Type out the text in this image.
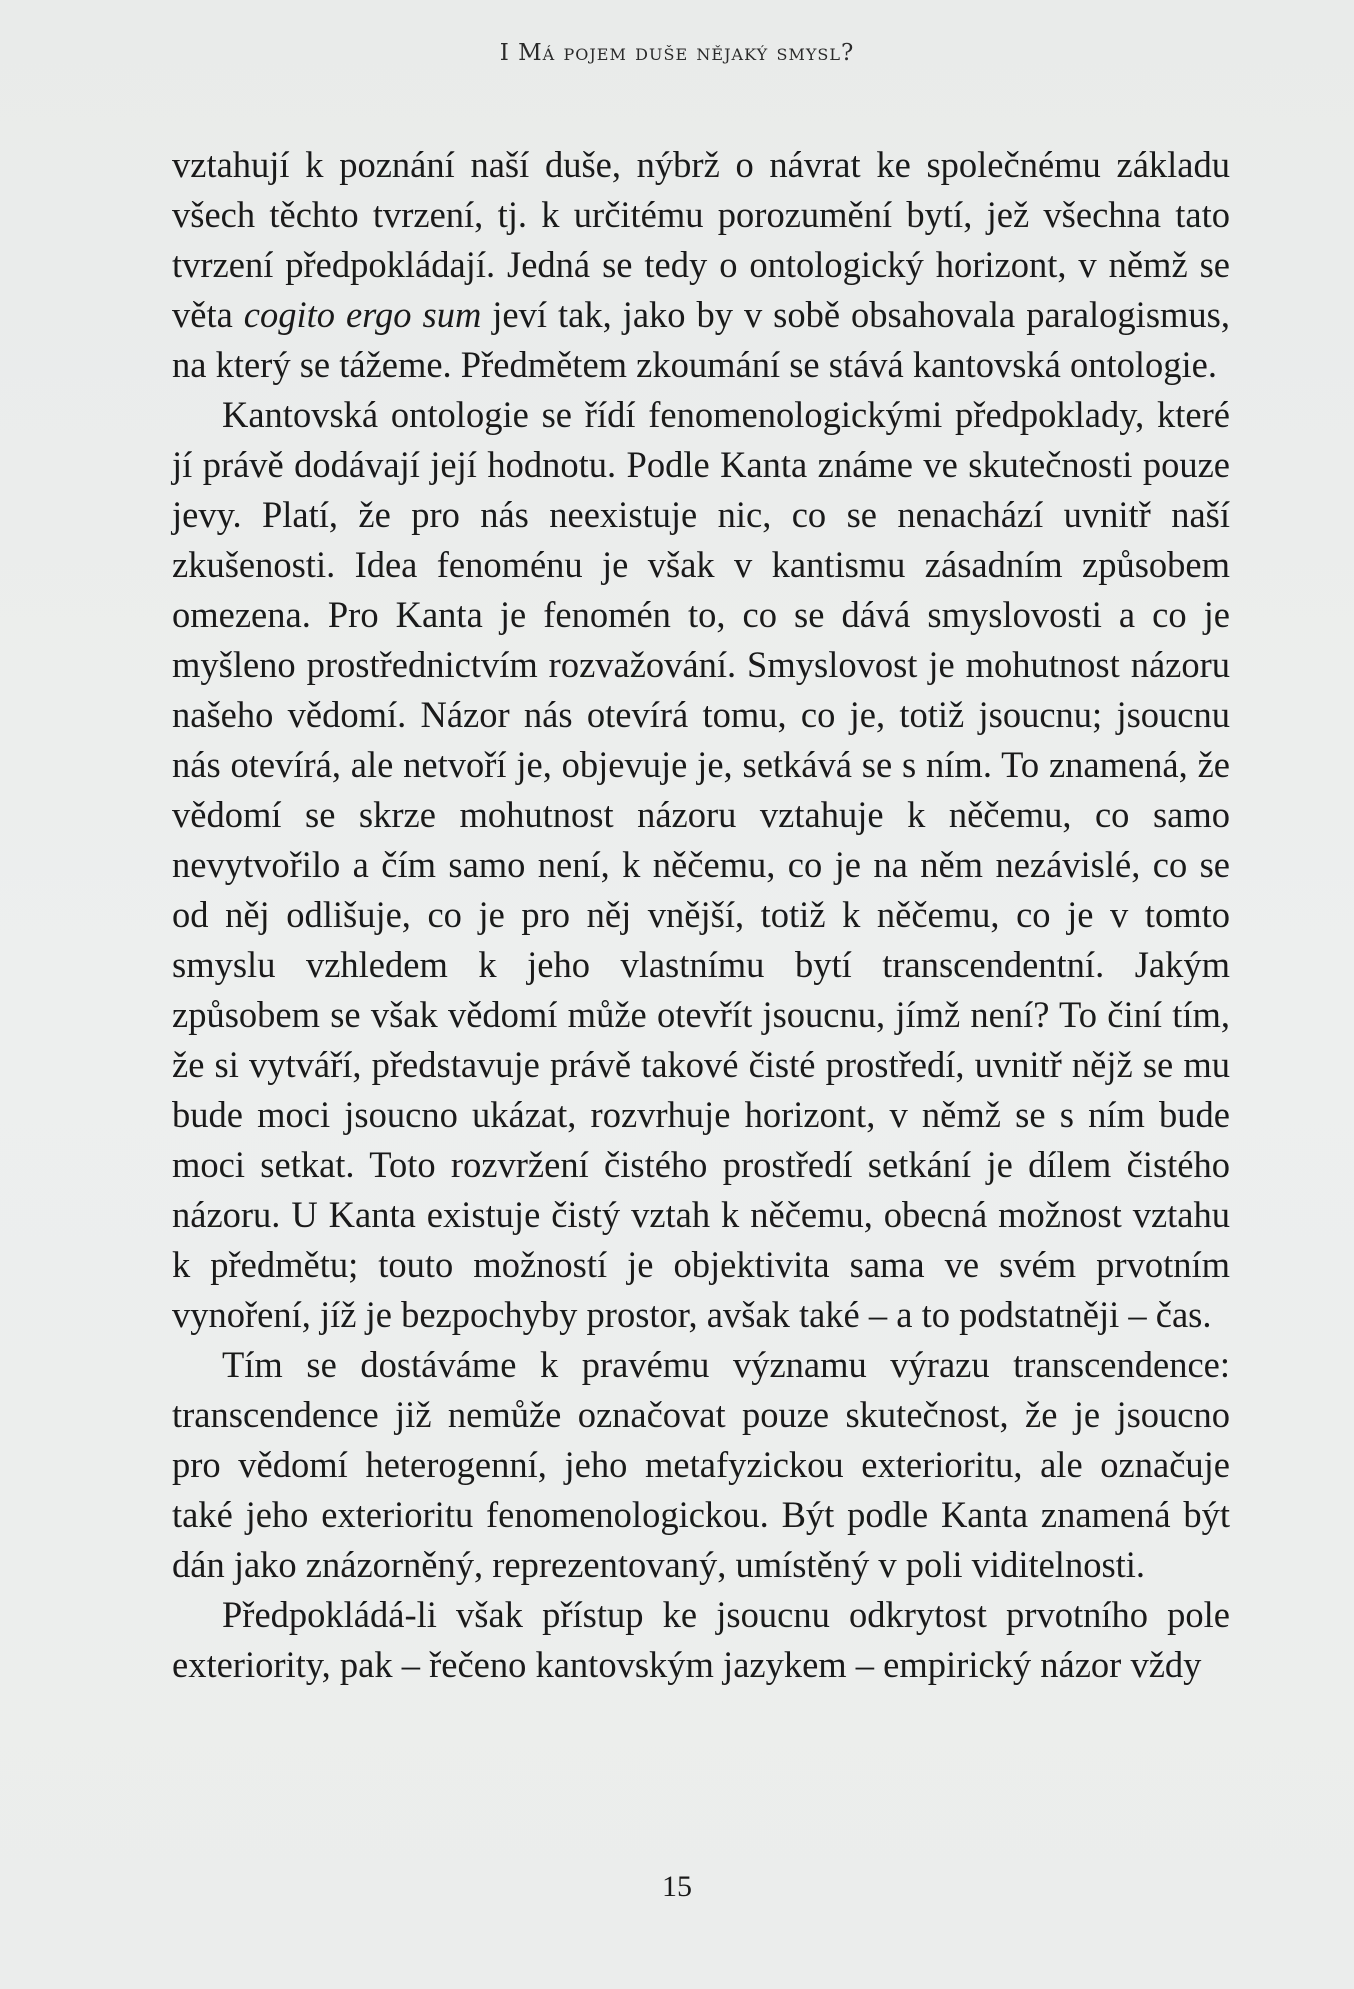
I Má pojem duše nějaký smysl?

vztahují k poznání naší duše, nýbrž o návrat ke společnému základu všech těchto tvrzení, tj. k určitému porozumění bytí, jež všechna tato tvrzení předpokládají. Jedná se tedy o ontologický horizont, v němž se věta cogito ergo sum jeví tak, jako by v sobě obsahovala paralogismus, na který se tážeme. Předmětem zkoumání se stává kantovská ontologie.

Kantovská ontologie se řídí fenomenologickými předpoklady, které jí právě dodávají její hodnotu. Podle Kanta známe ve skutečnosti pouze jevy. Platí, že pro nás neexistuje nic, co se nenachází uvnitř naší zkušenosti. Idea fenoménu je však v kantismu zásadním způsobem omezena. Pro Kanta je fenomén to, co se dává smyslovosti a co je myšleno prostřednictvím rozvažování. Smyslovost je mohutnost názoru našeho vědomí. Názor nás otevírá tomu, co je, totiž jsoucnu; jsoucnu nás otevírá, ale netvoří je, objevuje je, setkává se s ním. To znamená, že vědomí se skrze mohutnost názoru vztahuje k něčemu, co samo nevytvořilo a čím samo není, k něčemu, co je na něm nezávislé, co se od něj odlišuje, co je pro něj vnější, totiž k něčemu, co je v tomto smyslu vzhledem k jeho vlastnímu bytí transcendentní. Jakým způsobem se však vědomí může otevřít jsoucnu, jímž není? To činí tím, že si vytváří, představuje právě takové čisté prostředí, uvnitř nějž se mu bude moci jsoucno ukázat, rozvrhuje horizont, v němž se s ním bude moci setkat. Toto rozvržení čistého prostředí setkání je dílem čistého názoru. U Kanta existuje čistý vztah k něčemu, obecná možnost vztahu k předmětu; touto možností je objektivita sama ve svém prvotním vynoření, jíž je bezpochyby prostor, avšak také – a to podstatněji – čas.

Tím se dostáváme k pravému významu výrazu transcendence: transcendence již nemůže označovat pouze skutečnost, že je jsoucno pro vědomí heterogenní, jeho metafyzickou exterioritu, ale označuje také jeho exterioritu fenomenologickou. Být podle Kanta znamená být dán jako znázorněný, reprezentovaný, umístěný v poli viditelnosti.

Předpokládá-li však přístup ke jsoucnu odkrytost prvotního pole exteriority, pak – řečeno kantovským jazykem – empirický názor vždy

15
